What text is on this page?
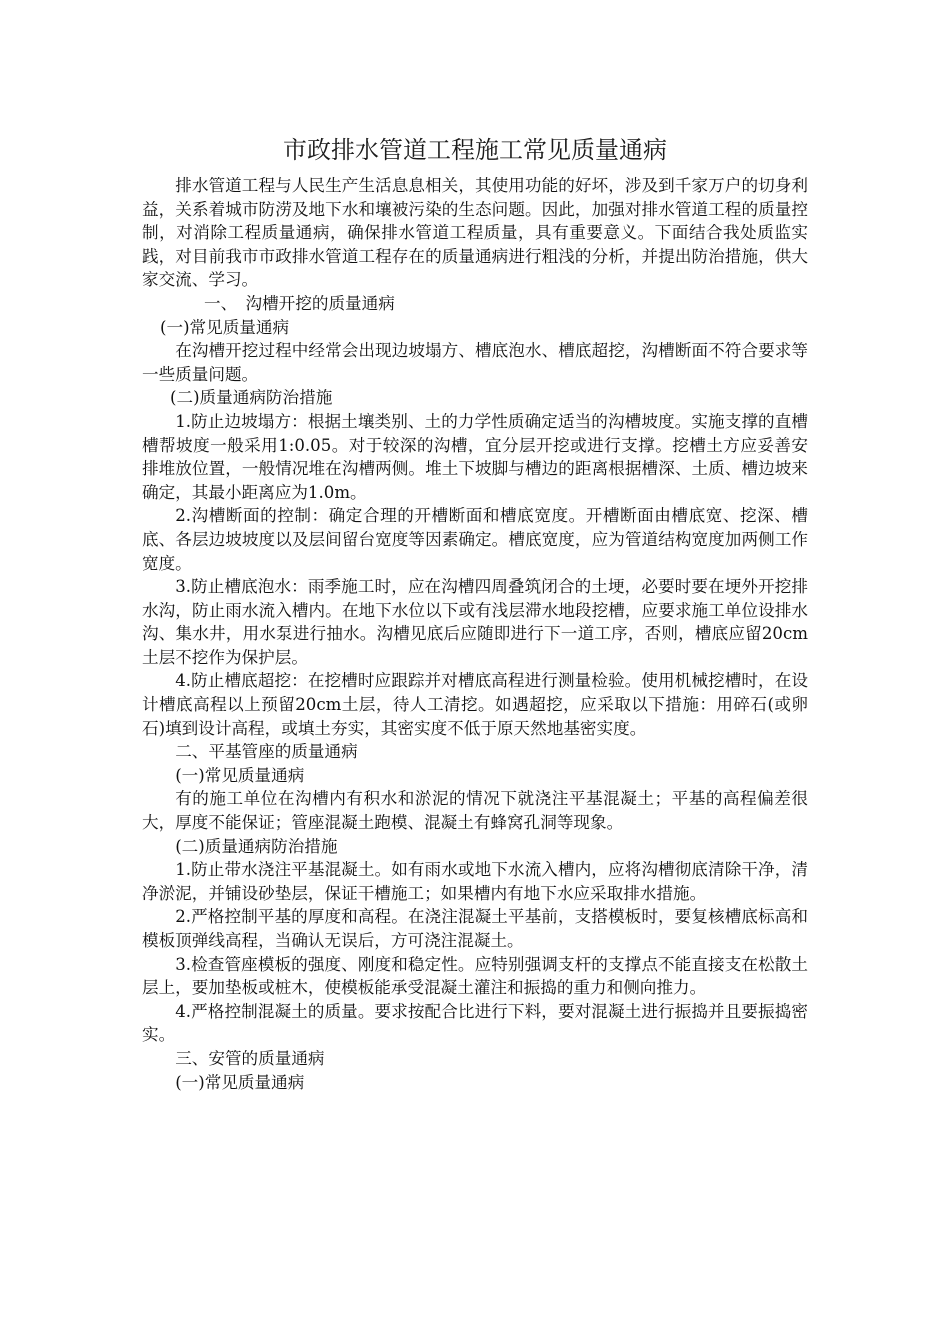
市政排水管道工程施工常见质量通病

排水管道工程与人民生产生活息息相关，其使用功能的好坏，涉及到千家万户的切身利益，关系着城市防涝及地下水和壤被污染的生态问题。因此，加强对排水管道工程的质量控制，对消除工程质量通病，确保排水管道工程质量，具有重要意义。下面结合我处质监实践，对目前我市市政排水管道工程存在的质量通病进行粗浅的分析，并提出防治措施，供大家交流、学习。

一、　沟槽开挖的质量通病

(一)常见质量通病

在沟槽开挖过程中经常会出现边坡塌方、槽底泡水、槽底超挖，沟槽断面不符合要求等一些质量问题。

(二)质量通病防治措施

1.防止边坡塌方：根据土壤类别、土的力学性质确定适当的沟槽坡度。实施支撑的直槽槽帮坡度一般采用1:0.05。对于较深的沟槽，宜分层开挖或进行支撑。挖槽土方应妥善安排堆放位置，一般情况堆在沟槽两侧。堆土下坡脚与槽边的距离根据槽深、土质、槽边坡来确定，其最小距离应为1.0m。

2.沟槽断面的控制：确定合理的开槽断面和槽底宽度。开槽断面由槽底宽、挖深、槽底、各层边坡坡度以及层间留台宽度等因素确定。槽底宽度，应为管道结构宽度加两侧工作宽度。

3.防止槽底泡水：雨季施工时，应在沟槽四周叠筑闭合的土埂，必要时要在埂外开挖排水沟，防止雨水流入槽内。在地下水位以下或有浅层滞水地段挖槽，应要求施工单位设排水沟、集水井，用水泵进行抽水。沟槽见底后应随即进行下一道工序，否则，槽底应留20cm土层不挖作为保护层。

4.防止槽底超挖：在挖槽时应跟踪并对槽底高程进行测量检验。使用机械挖槽时，在设计槽底高程以上预留20cm土层，待人工清挖。如遇超挖，应采取以下措施：用碎石(或卵石)填到设计高程，或填土夯实，其密实度不低于原天然地基密实度。

二、平基管座的质量通病

(一)常见质量通病

有的施工单位在沟槽内有积水和淤泥的情况下就浇注平基混凝土；平基的高程偏差很大，厚度不能保证；管座混凝土跑模、混凝土有蜂窝孔洞等现象。

(二)质量通病防治措施

1.防止带水浇注平基混凝土。如有雨水或地下水流入槽内，应将沟槽彻底清除干净，清净淤泥，并铺设砂垫层，保证干槽施工；如果槽内有地下水应采取排水措施。

2.严格控制平基的厚度和高程。在浇注混凝土平基前，支搭模板时，要复核槽底标高和模板顶弹线高程，当确认无误后，方可浇注混凝土。

3.检查管座模板的强度、刚度和稳定性。应特别强调支杆的支撑点不能直接支在松散土层上，要加垫板或桩木，使模板能承受混凝土灌注和振捣的重力和侧向推力。

4.严格控制混凝土的质量。要求按配合比进行下料，要对混凝土进行振捣并且要振捣密实。

三、安管的质量通病

(一)常见质量通病
